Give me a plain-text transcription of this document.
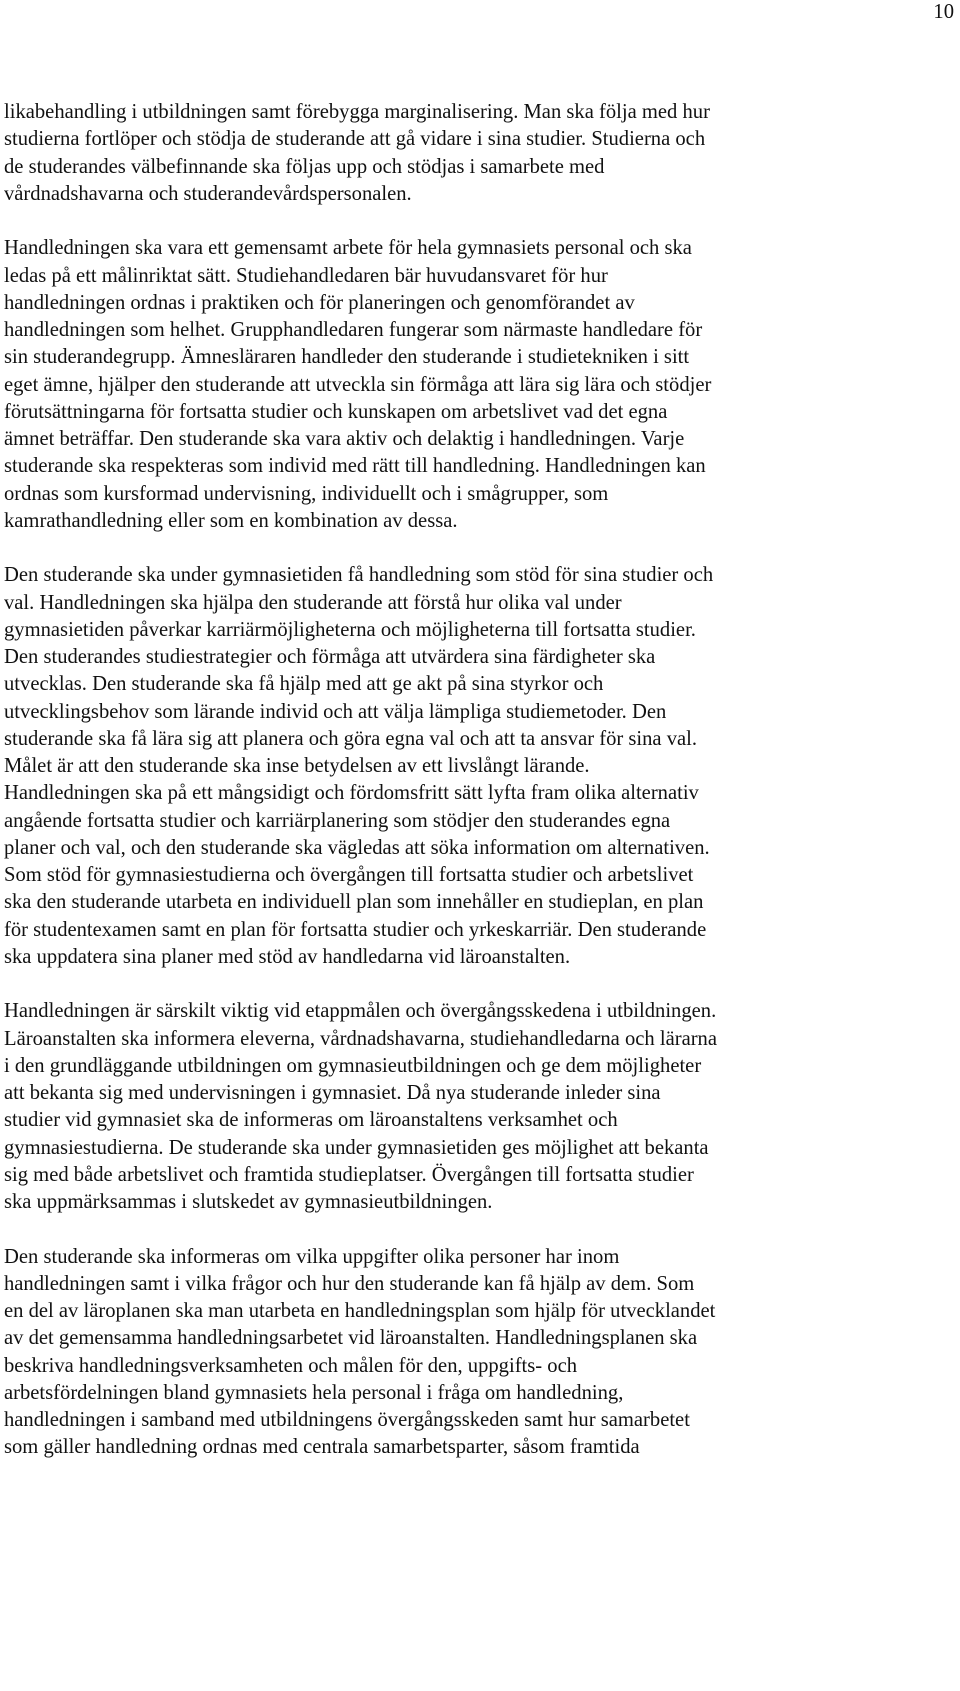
10
likabehandling i utbildningen samt förebygga marginalisering. Man ska följa med hur
studierna fortlöper och stödja de studerande att gå vidare i sina studier. Studierna och
de studerandes välbefinnande ska följas upp och stödjas i samarbete med
vårdnadshavarna och studerandevårdspersonalen.
Handledningen ska vara ett gemensamt arbete för hela gymnasiets personal och ska
ledas på ett målinriktat sätt. Studiehandledaren bär huvudansvaret för hur
handledningen ordnas i praktiken och för planeringen och genomförandet av
handledningen som helhet. Grupphandledaren fungerar som närmaste handledare för
sin studerandegrupp. Ämnesläraren handleder den studerande i studietekniken i sitt
eget ämne, hjälper den studerande att utveckla sin förmåga att lära sig lära och stödjer
förutsättningarna för fortsatta studier och kunskapen om arbetslivet vad det egna
ämnet beträffar. Den studerande ska vara aktiv och delaktig i handledningen. Varje
studerande ska respekteras som individ med rätt till handledning. Handledningen kan
ordnas som kursformad undervisning, individuellt och i smågrupper, som
kamrathandledning eller som en kombination av dessa.
Den studerande ska under gymnasietiden få handledning som stöd för sina studier och
val. Handledningen ska hjälpa den studerande att förstå hur olika val under
gymnasietiden påverkar karriärmöjligheterna och möjligheterna till fortsatta studier.
Den studerandes studiestrategier och förmåga att utvärdera sina färdigheter ska
utvecklas. Den studerande ska få hjälp med att ge akt på sina styrkor och
utvecklingsbehov som lärande individ och att välja lämpliga studiemetoder. Den
studerande ska få lära sig att planera och göra egna val och att ta ansvar för sina val.
Målet är att den studerande ska inse betydelsen av ett livslångt lärande.
Handledningen ska på ett mångsidigt och fördomsfritt sätt lyfta fram olika alternativ
angående fortsatta studier och karriärplanering som stödjer den studerandes egna
planer och val, och den studerande ska vägledas att söka information om alternativen.
Som stöd för gymnasiestudierna och övergången till fortsatta studier och arbetslivet
ska den studerande utarbeta en individuell plan som innehåller en studieplan, en plan
för studentexamen samt en plan för fortsatta studier och yrkeskarriär. Den studerande
ska uppdatera sina planer med stöd av handledarna vid läroanstalten.
Handledningen är särskilt viktig vid etappmålen och övergångsskedena i utbildningen.
Läroanstalten ska informera eleverna, vårdnadshavarna, studiehandledarna och lärarna
i den grundläggande utbildningen om gymnasieutbildningen och ge dem möjligheter
att bekanta sig med undervisningen i gymnasiet. Då nya studerande inleder sina
studier vid gymnasiet ska de informeras om läroanstaltens verksamhet och
gymnasiestudierna. De studerande ska under gymnasietiden ges möjlighet att bekanta
sig med både arbetslivet och framtida studieplatser. Övergången till fortsatta studier
ska uppmärksammas i slutskedet av gymnasieutbildningen.
Den studerande ska informeras om vilka uppgifter olika personer har inom
handledningen samt i vilka frågor och hur den studerande kan få hjälp av dem. Som
en del av läroplanen ska man utarbeta en handledningsplan som hjälp för utvecklandet
av det gemensamma handledningsarbetet vid läroanstalten. Handledningsplanen ska
beskriva handledningsverksamheten och målen för den, uppgifts- och
arbetsfördelningen bland gymnasiets hela personal i fråga om handledning,
handledningen i samband med utbildningens övergångsskeden samt hur samarbetet
som gäller handledning ordnas med centrala samarbetsparter, såsom framtida
